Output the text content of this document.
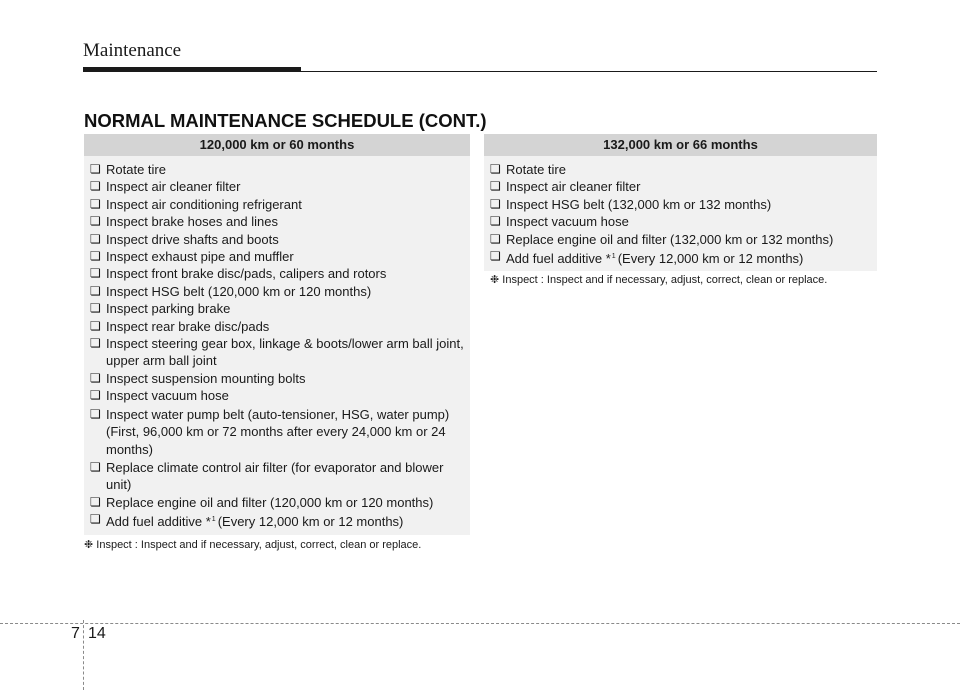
Maintenance
NORMAL MAINTENANCE SCHEDULE (CONT.)
120,000 km or 60 months
❏ Rotate tire
❏ Inspect air cleaner filter
❏ Inspect air conditioning refrigerant
❏ Inspect brake hoses and lines
❏ Inspect drive shafts and boots
❏ Inspect exhaust pipe and muffler
❏ Inspect front brake disc/pads, calipers and rotors
❏ Inspect HSG belt (120,000 km or 120 months)
❏ Inspect parking brake
❏ Inspect rear brake disc/pads
❏ Inspect steering gear box, linkage & boots/lower arm ball joint, upper arm ball joint
❏ Inspect suspension mounting bolts
❏ Inspect vacuum hose
❏ Inspect water pump belt (auto-tensioner, HSG, water pump) (First, 96,000 km or 72 months after every 24,000 km or 24 months)
❏ Replace climate control air filter (for evaporator and blower unit)
❏ Replace engine oil and filter (120,000 km or 120 months)
❏ Add fuel additive *$^1$ (Every 12,000 km or 12 months)
❉ Inspect : Inspect and if necessary, adjust, correct, clean or replace.
132,000 km or 66 months
❏ Rotate tire
❏ Inspect air cleaner filter
❏ Inspect HSG belt (132,000 km or 132 months)
❏ Inspect vacuum hose
❏ Replace engine oil and filter (132,000 km or 132 months)
❏ Add fuel additive *$^1$ (Every 12,000 km or 12 months)
❉ Inspect : Inspect and if necessary, adjust, correct, clean or replace.
7 14
